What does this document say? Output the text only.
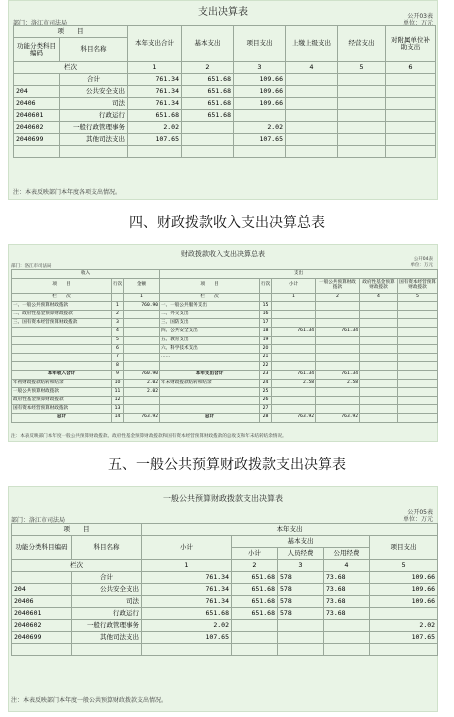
支出决算表	公开03表
单位：万元
部门：洛江市司法局
项　　目		本年支出合计	基本支出	项目支出	上缴上级支出	经营支出	对附属单位补助支出
功能分类科目编码	科目名称						
栏次		1	2	3	4	5	6
	合计	761.34	651.68	109.66			
204	公共安全支出	761.34	651.68	109.66			
20406	司法	761.34	651.68	109.66			
2040601	行政运行	651.68	651.68				
2040602	一般行政管理事务	2.02		2.02			
2040699	其他司法支出	107.65		107.65			

注：本表反映部门本年度各项支出情况。
四、财政拨款收入支出决算总表
财政拨款收入支出决算总表
公开04表
单位：万元
部门：洛江市司法局
收入			支出					
项　　目	行次	金额	项　　目	行次	小计	一般公共预算财政拨款	政府性基金预算财政拨款	国有资本经营预算财政拨款
栏　　次		1	栏　　次		1	2	4	5
一、一般公共预算财政拨款	1	760.90	一、一般公共服务支出	15				
二、政府性基金预算财政拨款	2		二、外交支出	16				
三、国有资本经营预算财政拨款	3		三、国防支出	17				
	4		四、公共安全支出	18	761.34	761.34		
	5		五、教育支出	19				
	6		六、科学技术支出	20				
	7		……	21				
	8			22				
本年收入合计	9	760.90	本年支出合计	23	761.34	761.34		
年初财政拨款结转和结余	10	2.02	年末财政拨款结转和结余	24	2.58	2.58		
一般公共预算财政拨款	11	2.02		25				
政府性基金预算财政拨款	12			26				
国有资本经营预算财政拨款	13			27				
总计	14	763.92	总计	28	763.92	763.92		
注：本表反映部门本年度一般公共预算财政拨款、政府性基金预算财政拨款和国有资本经营预算财政拨款的总收支和年末结转结余情况。
五、一般公共预算财政拨款支出决算表
一般公共预算财政拨款支出决算表
公开05表
单位：万元
部门：洛江市司法局
项　　目		本年支出				
功能分类科目编码	科目名称	小计	基本支出			项目支出
			小计	人员经费	公用经费	
栏次		1	2	3	4	5
	合计	761.34	651.68	578	73.68	109.66
204	公共安全支出	761.34	651.68	578	73.68	109.66
20406	司法	761.34	651.68	578	73.68	109.66
2040601	行政运行	651.68	651.68	578	73.68	
2040602	一般行政管理事务	2.02				2.02
2040699	其他司法支出	107.65				107.65

注：本表反映部门本年度一般公共预算财政拨款支出情况。
